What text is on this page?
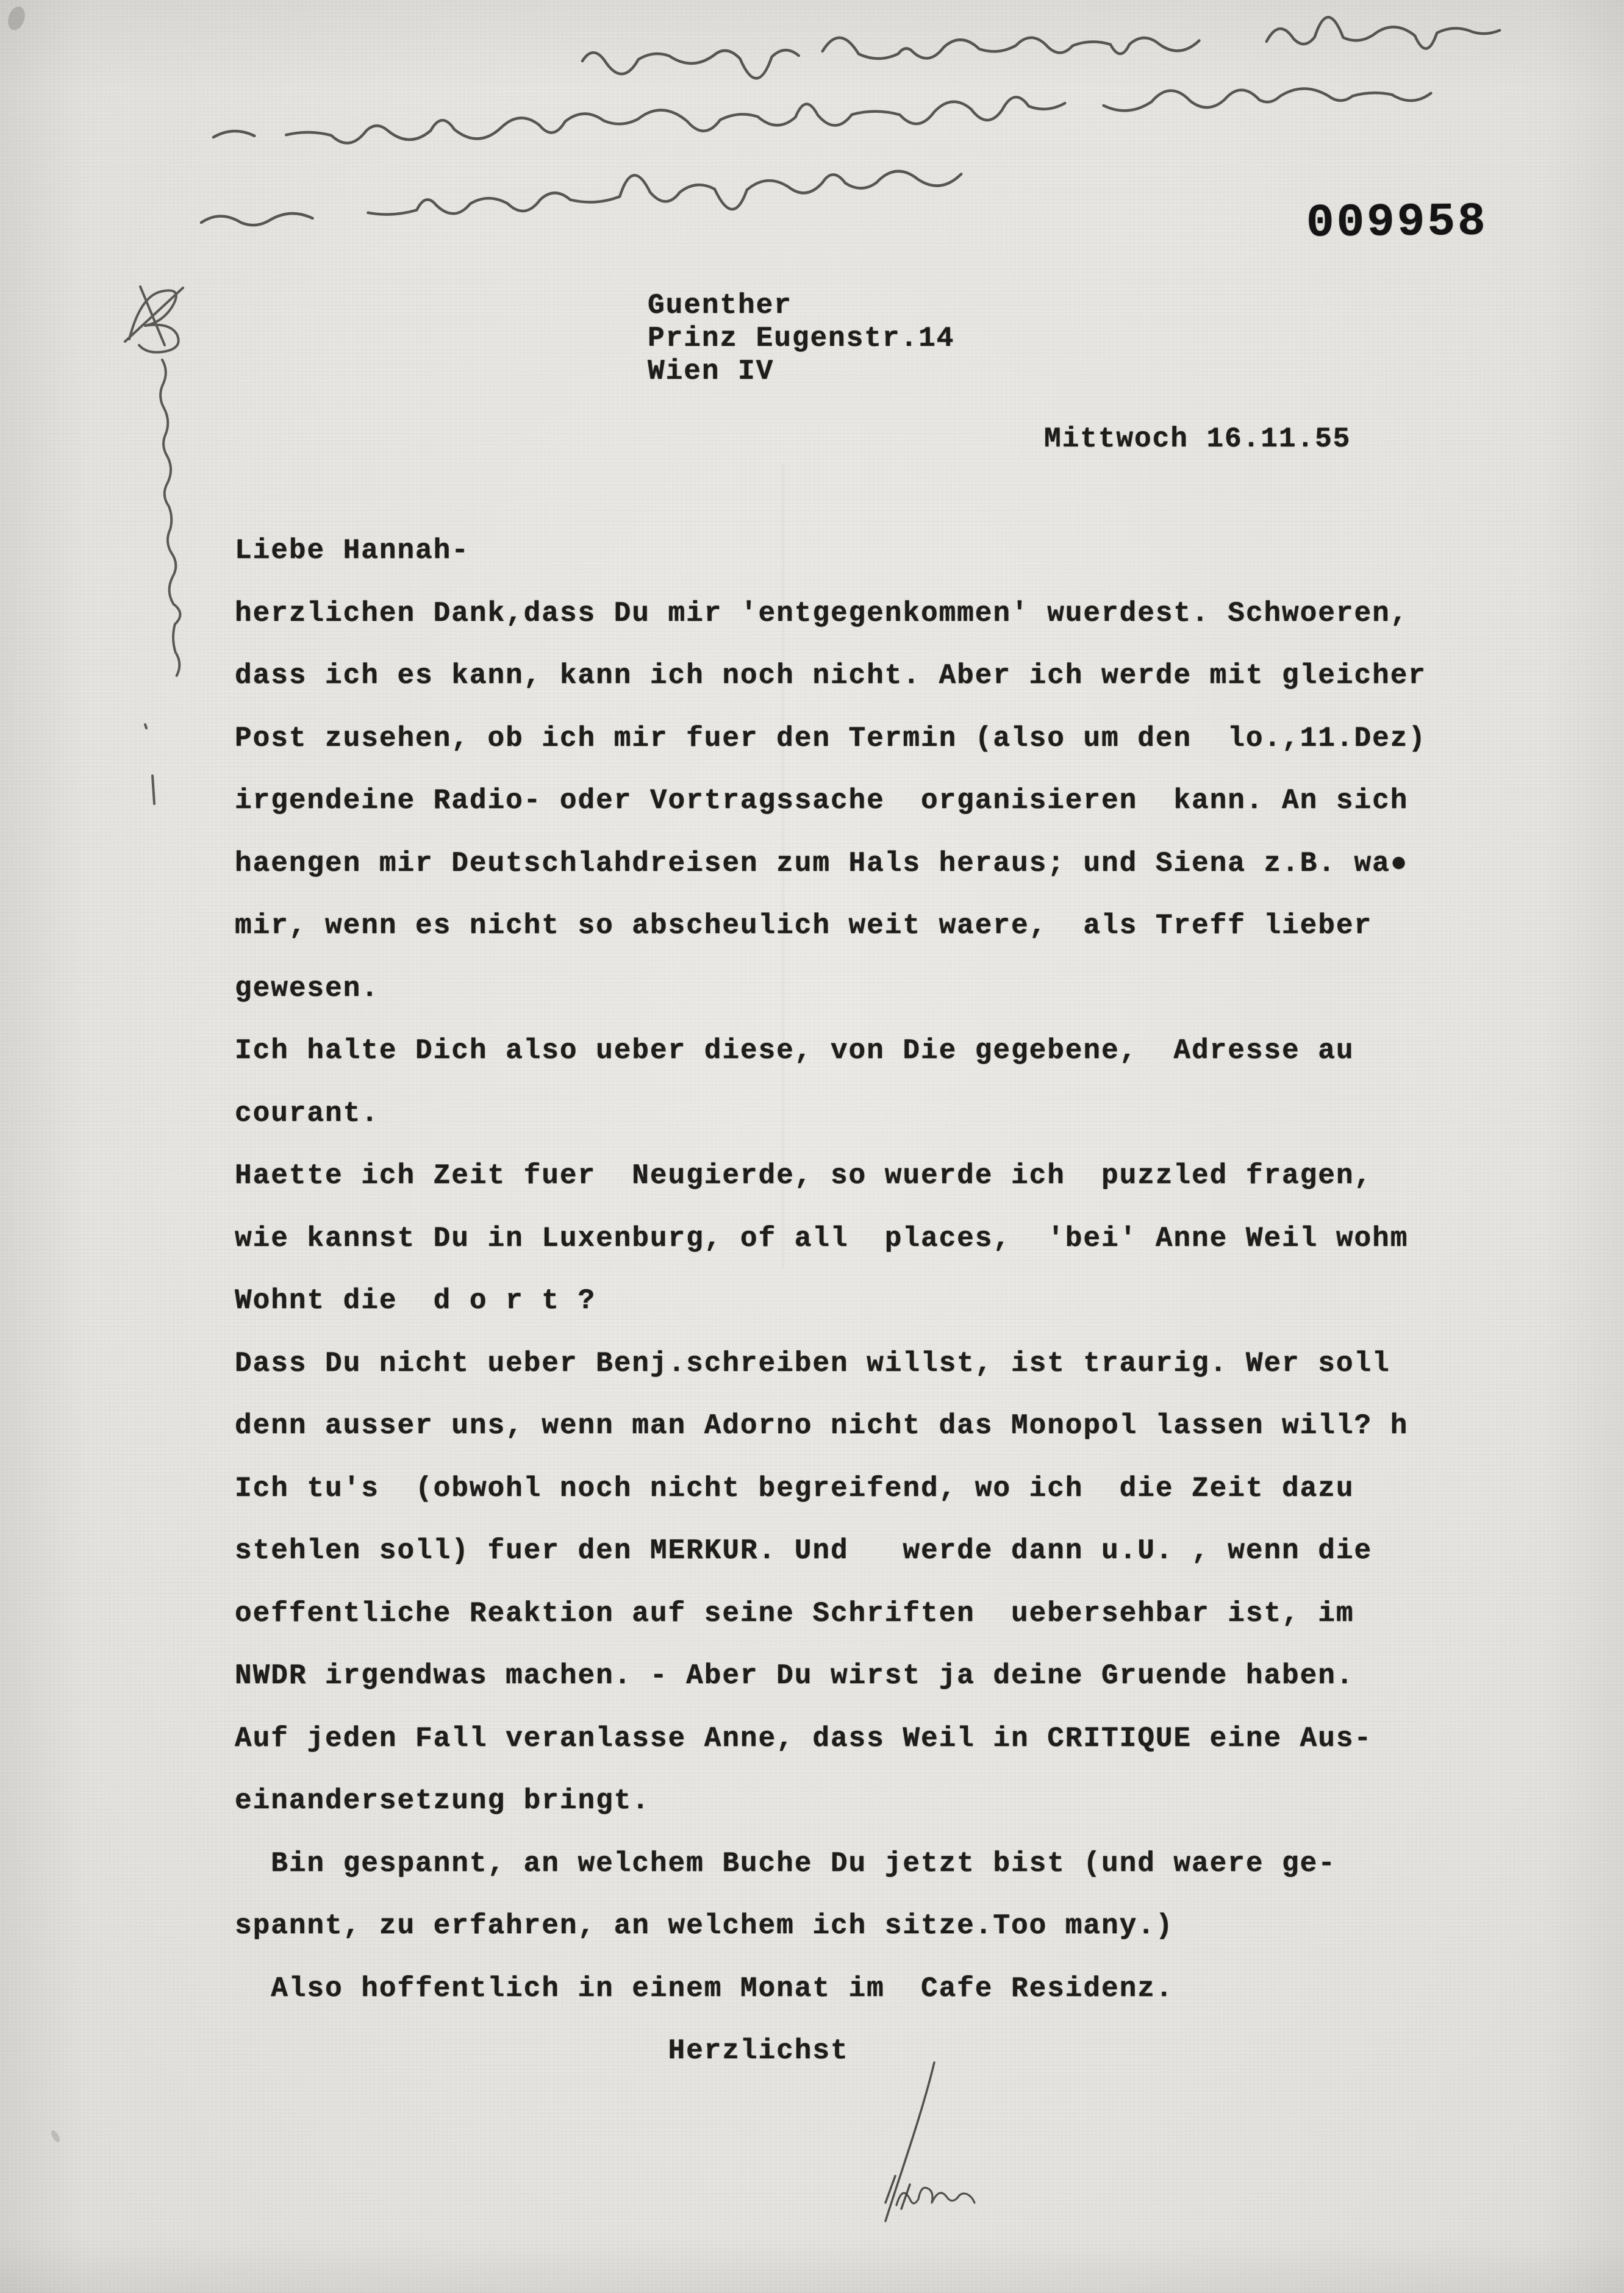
009958
Guenther
Prinz Eugenstr.14
Wien IV
Mittwoch 16.11.55
Liebe Hannah-
herzlichen Dank,dass Du mir 'entgegenkommen' wuerdest. Schwoeren,
dass ich es kann, kann ich noch nicht. Aber ich werde mit gleicher
Post zusehen, ob ich mir fuer den Termin (also um den  lo.,11.Dez)
irgendeine Radio- oder Vortragssache  organisieren  kann. An sich
haengen mir Deutschlahdreisen zum Hals heraus; und Siena z.B. wa●
mir, wenn es nicht so abscheulich weit waere,  als Treff lieber
gewesen.
Ich halte Dich also ueber diese, von Die gegebene,  Adresse au
courant.
Haette ich Zeit fuer  Neugierde, so wuerde ich  puzzled fragen,
wie kannst Du in Luxenburg, of all  places,  'bei' Anne Weil wohm
Wohnt die  d o r t ?
Dass Du nicht ueber Benj.schreiben willst, ist traurig. Wer soll
denn ausser uns, wenn man Adorno nicht das Monopol lassen will? h
Ich tu's  (obwohl noch nicht begreifend, wo ich  die Zeit dazu
stehlen soll) fuer den MERKUR. Und   werde dann u.U. , wenn die
oeffentliche Reaktion auf seine Schriften  uebersehbar ist, im
NWDR irgendwas machen. - Aber Du wirst ja deine Gruende haben.
Auf jeden Fall veranlasse Anne, dass Weil in CRITIQUE eine Aus-
einandersetzung bringt.
Bin gespannt, an welchem Buche Du jetzt bist (und waere ge-
spannt, zu erfahren, an welchem ich sitze.Too many.)
Also hoffentlich in einem Monat im  Cafe Residenz.
Herzlichst
